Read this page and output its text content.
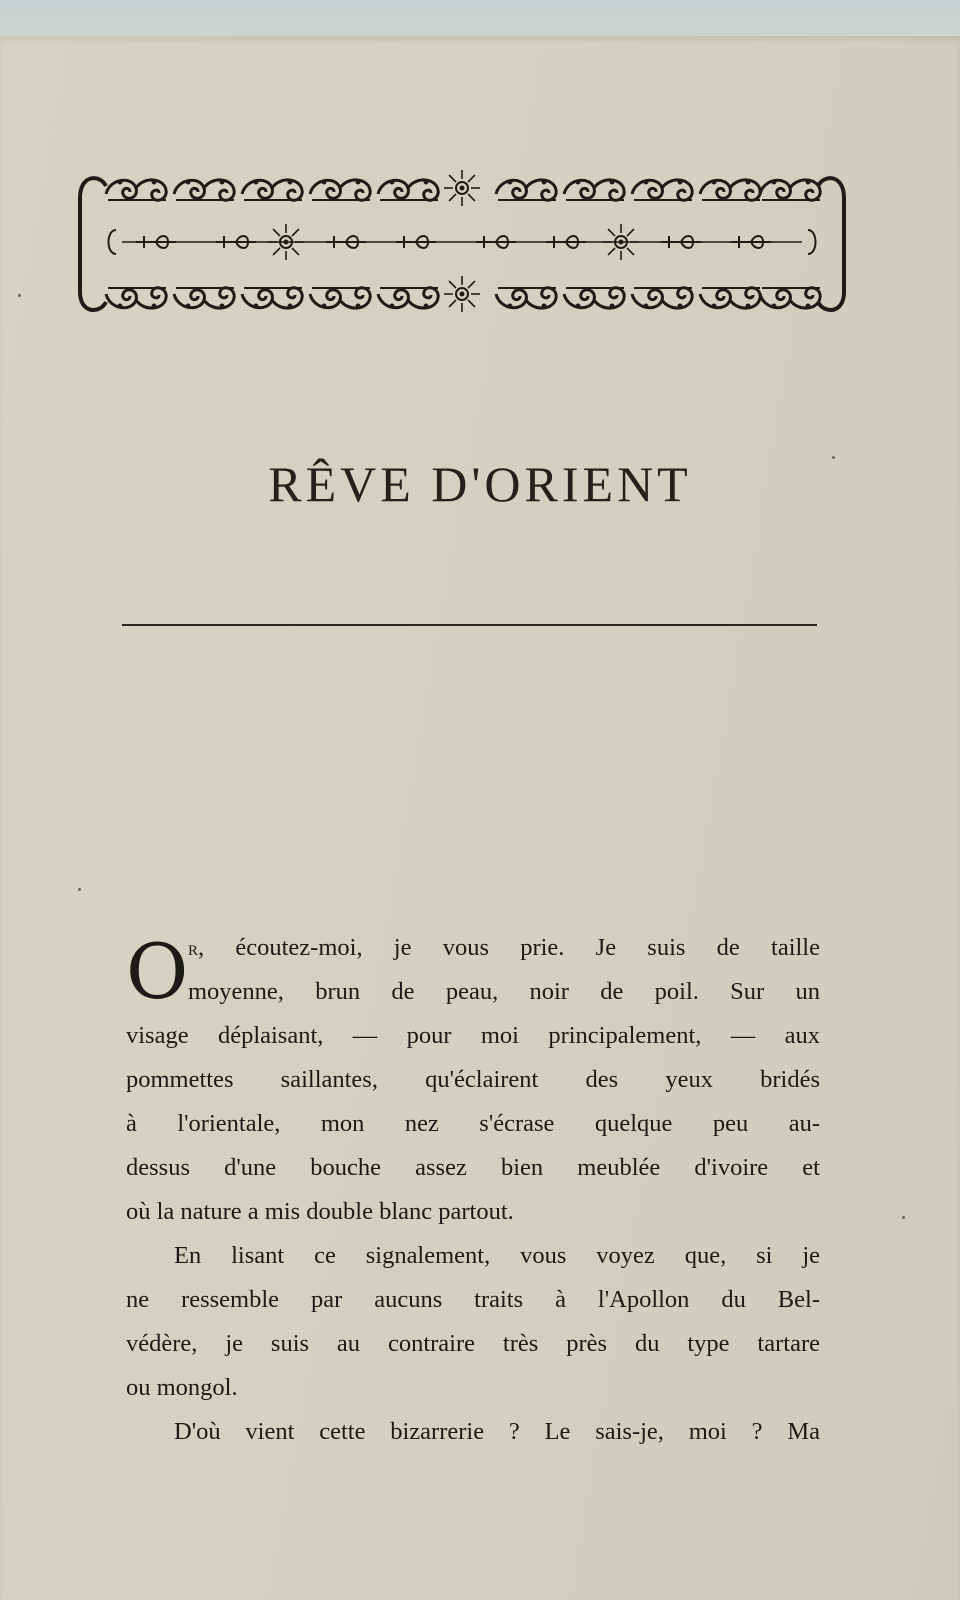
RÊVE D'ORIENT
O R, écoutez-moi, je vous prie. Je suis de taille
moyenne, brun de peau, noir de poil. Sur un
visage déplaisant, — pour moi principalement, — aux
pommettes saillantes, qu'éclairent des yeux bridés
à l'orientale, mon nez s'écrase quelque peu au-
dessus d'une bouche assez bien meublée d'ivoire et
où la nature a mis double blanc partout.
En lisant ce signalement, vous voyez que, si je
ne ressemble par aucuns traits à l'Apollon du Bel-
védère, je suis au contraire très près du type tartare
ou mongol.
D'où vient cette bizarrerie ? Le sais-je, moi ? Ma
